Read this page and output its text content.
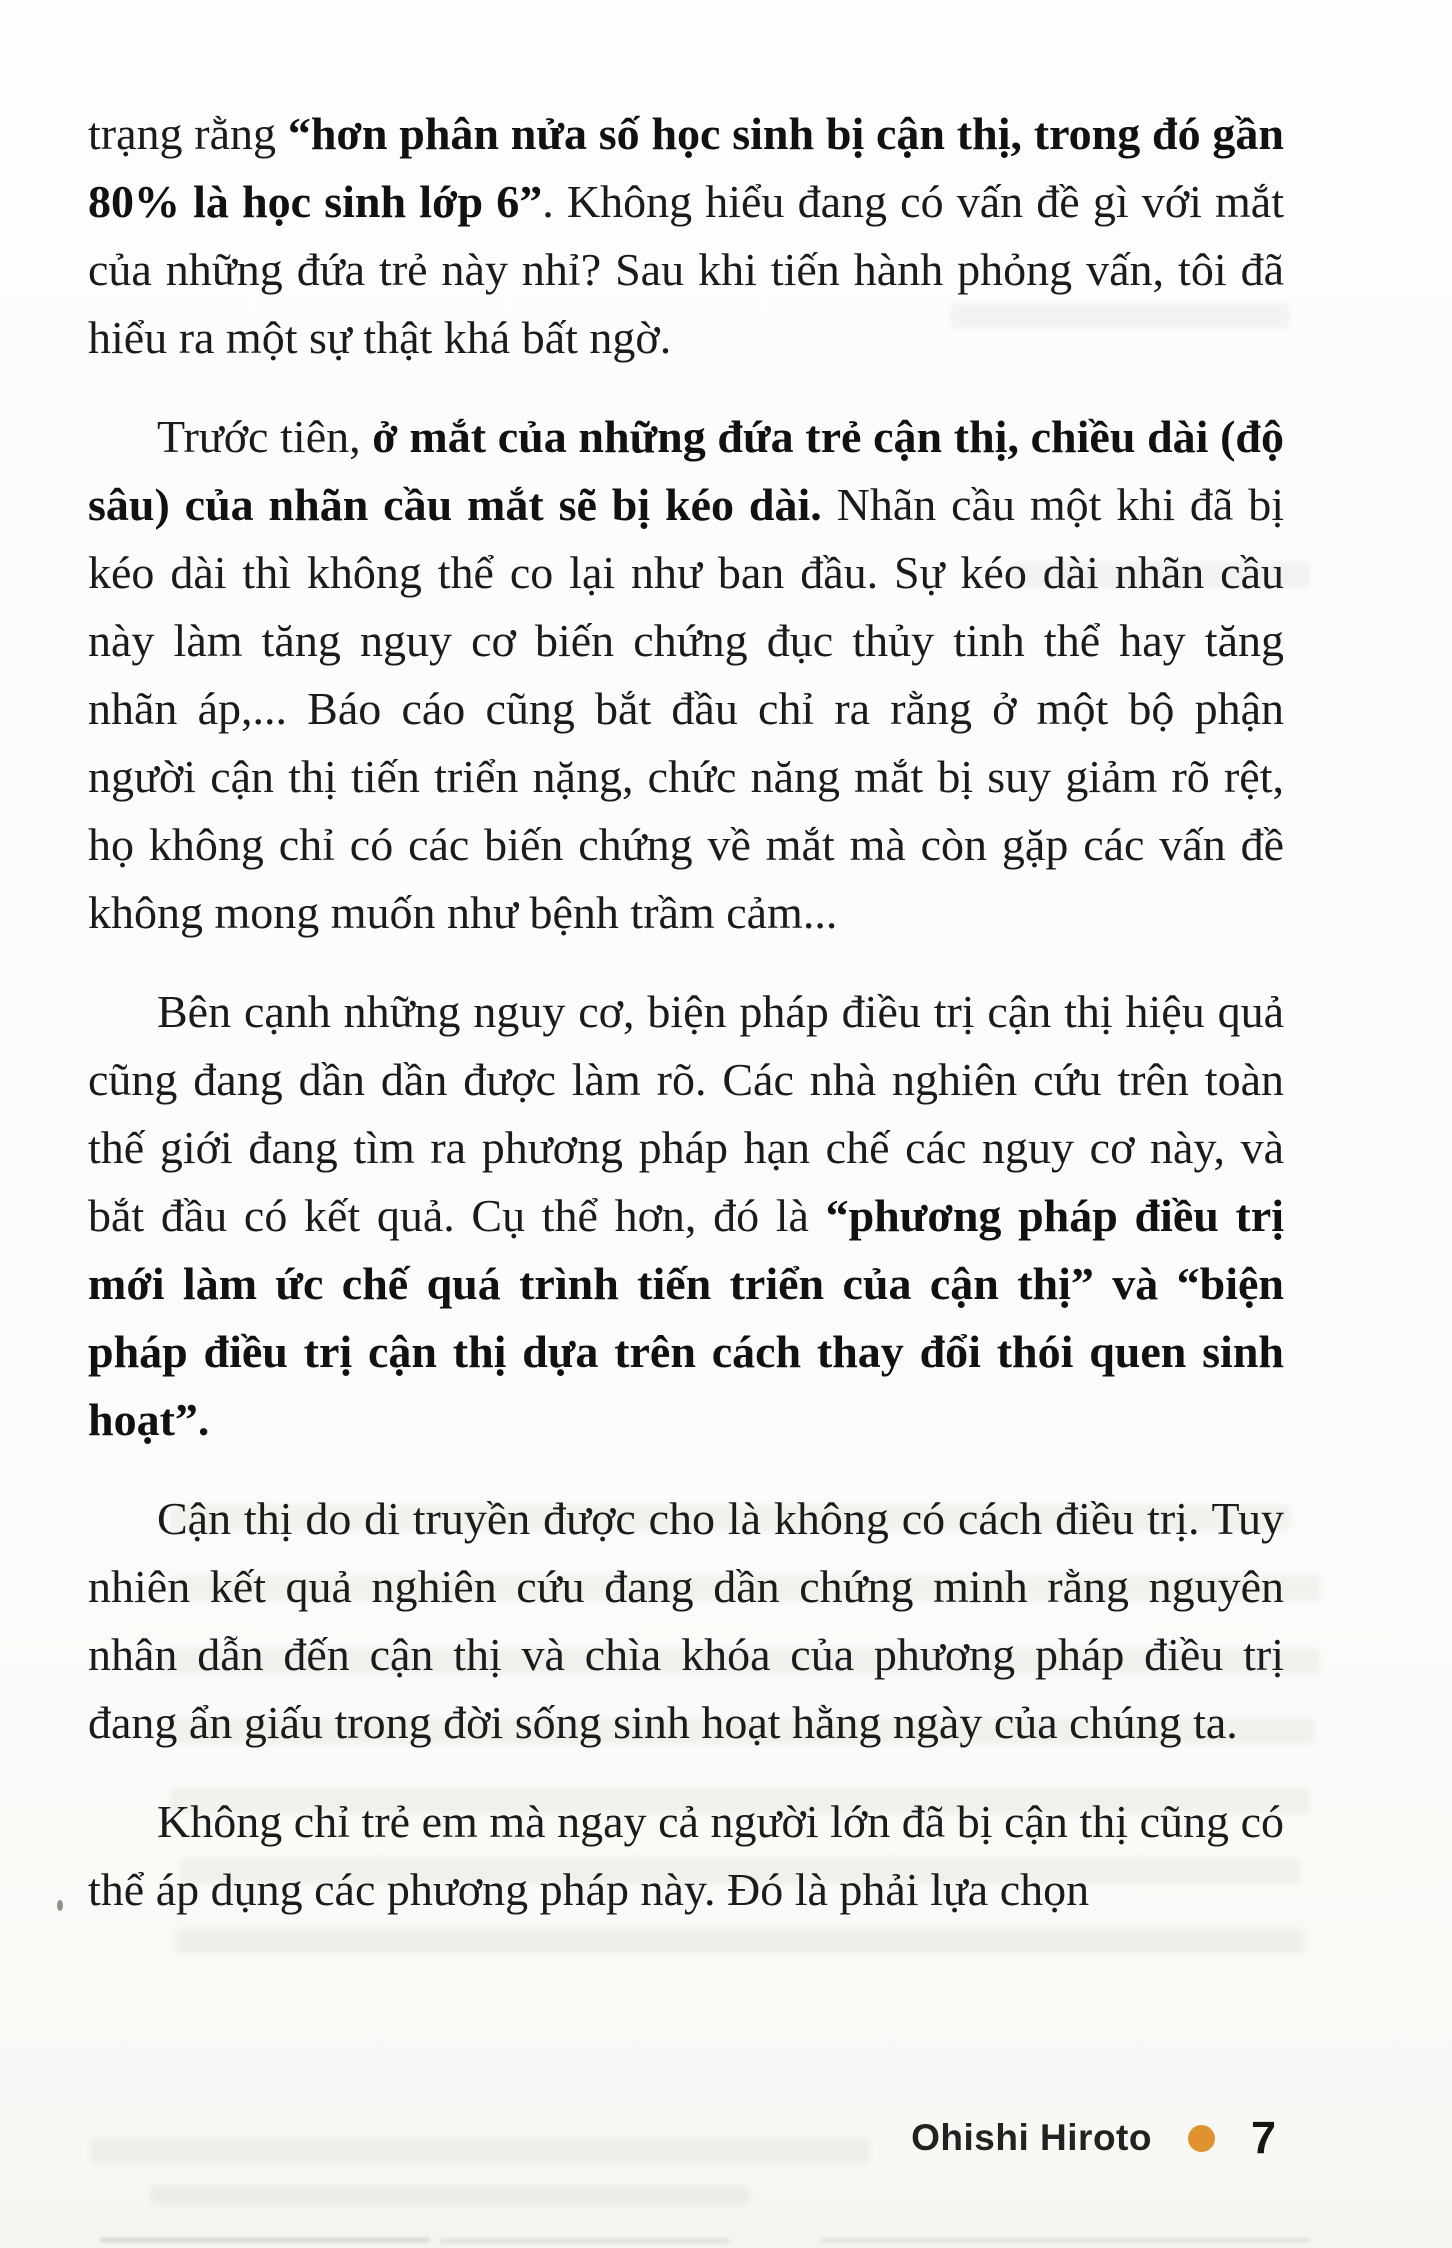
trạng rằng “hơn phân nửa số học sinh bị cận thị, trong đó gần 80% là học sinh lớp 6”. Không hiểu đang có vấn đề gì với mắt của những đứa trẻ này nhỉ? Sau khi tiến hành phỏng vấn, tôi đã hiểu ra một sự thật khá bất ngờ.

Trước tiên, ở mắt của những đứa trẻ cận thị, chiều dài (độ sâu) của nhãn cầu mắt sẽ bị kéo dài. Nhãn cầu một khi đã bị kéo dài thì không thể co lại như ban đầu. Sự kéo dài nhãn cầu này làm tăng nguy cơ biến chứng đục thủy tinh thể hay tăng nhãn áp,... Báo cáo cũng bắt đầu chỉ ra rằng ở một bộ phận người cận thị tiến triển nặng, chức năng mắt bị suy giảm rõ rệt, họ không chỉ có các biến chứng về mắt mà còn gặp các vấn đề không mong muốn như bệnh trầm cảm...

Bên cạnh những nguy cơ, biện pháp điều trị cận thị hiệu quả cũng đang dần dần được làm rõ. Các nhà nghiên cứu trên toàn thế giới đang tìm ra phương pháp hạn chế các nguy cơ này, và bắt đầu có kết quả. Cụ thể hơn, đó là “phương pháp điều trị mới làm ức chế quá trình tiến triển của cận thị” và “biện pháp điều trị cận thị dựa trên cách thay đổi thói quen sinh hoạt”.

Cận thị do di truyền được cho là không có cách điều trị. Tuy nhiên kết quả nghiên cứu đang dần chứng minh rằng nguyên nhân dẫn đến cận thị và chìa khóa của phương pháp điều trị đang ẩn giấu trong đời sống sinh hoạt hằng ngày của chúng ta.

Không chỉ trẻ em mà ngay cả người lớn đã bị cận thị cũng có thể áp dụng các phương pháp này. Đó là phải lựa chọn

Ohishi Hiroto 7
